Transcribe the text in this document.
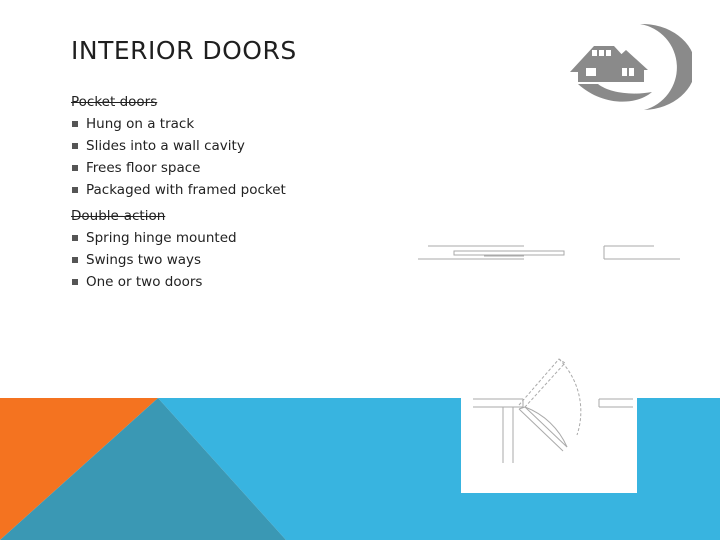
INTERIOR DOORS
Pocket doors
Hung on a track
Slides into a wall cavity
Frees floor space
Packaged with framed pocket
Double-action
Spring hinge mounted
Swings two ways
One or two doors
